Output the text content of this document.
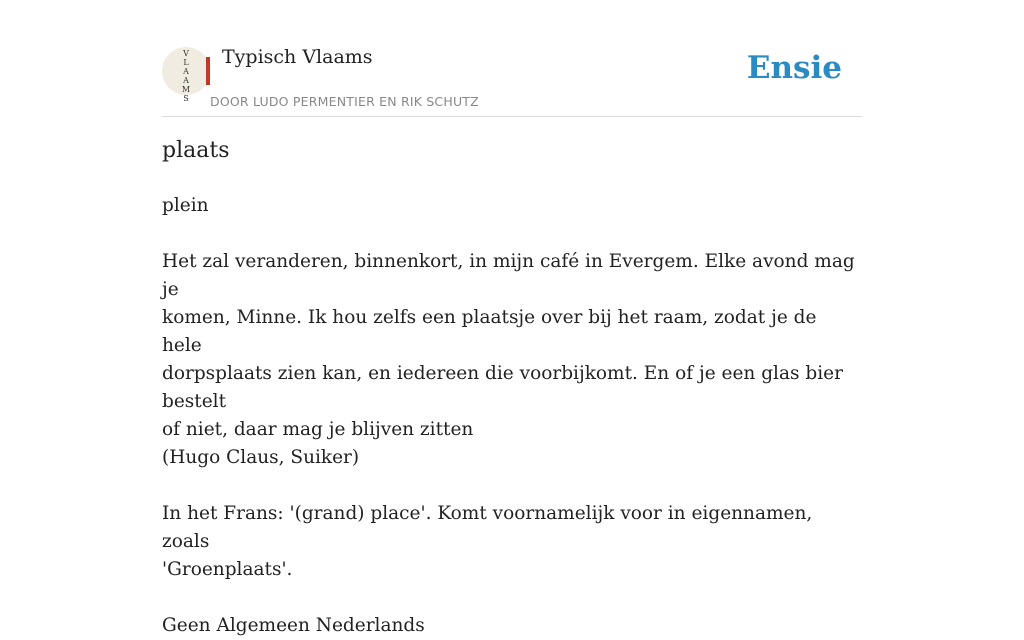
V
L
A
A
M
S
Typisch Vlaams
DOOR LUDO PERMENTIER EN RIK SCHUTZ
Ensie
plaats

plein

Het zal veranderen, binnenkort, in mijn café in Evergem. Elke avond mag je

komen, Minne. Ik hou zelfs een plaatsje over bij het raam, zodat je de hele

dorpsplaats zien kan, en iedereen die voorbijkomt. En of je een glas bier bestelt

of niet, daar mag je blijven zitten

(Hugo Claus, Suiker)

In het Frans: '(grand) place'. Komt voornamelijk voor in eigennamen, zoals

'Groenplaats'.

Geen Algemeen Nederlands
